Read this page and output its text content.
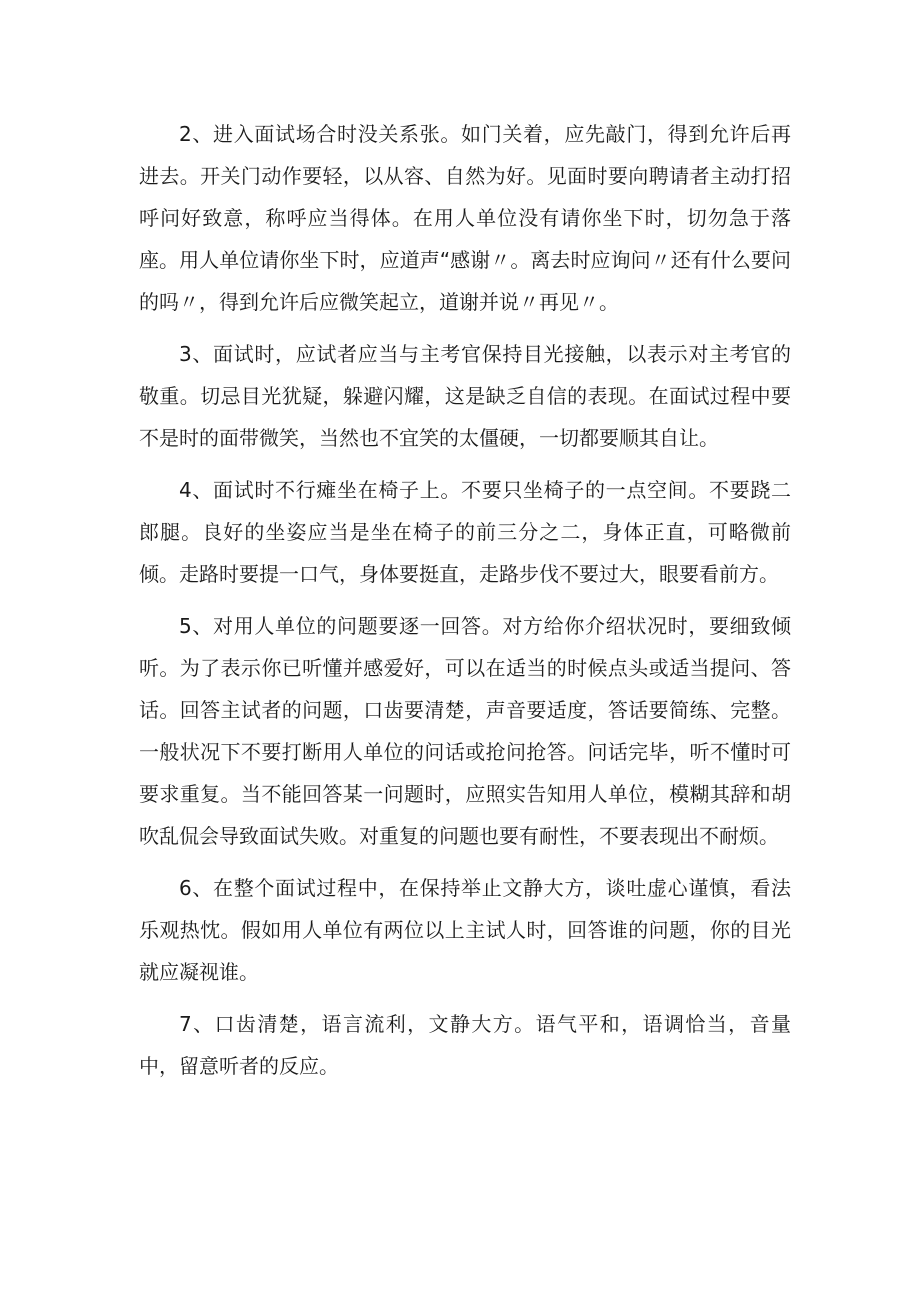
2、进入面试场合时没关系张。如门关着，应先敲门，得到允许后再进去。开关门动作要轻，以从容、自然为好。见面时要向聘请者主动打招呼问好致意，称呼应当得体。在用人单位没有请你坐下时，切勿急于落座。用人单位请你坐下时，应道声“感谢〃。离去时应询问〃还有什么要问的吗〃，得到允许后应微笑起立，道谢并说〃再见〃。

3、面试时，应试者应当与主考官保持目光接触，以表示对主考官的敬重。切忌目光犹疑，躲避闪耀，这是缺乏自信的表现。在面试过程中要不是时的面带微笑，当然也不宜笑的太僵硬，一切都要顺其自让。

4、面试时不行瘫坐在椅子上。不要只坐椅子的一点空间。不要跷二郎腿。良好的坐姿应当是坐在椅子的前三分之二，身体正直，可略微前倾。走路时要提一口气，身体要挺直，走路步伐不要过大，眼要看前方。

5、对用人单位的问题要逐一回答。对方给你介绍状况时，要细致倾听。为了表示你已听懂并感爱好，可以在适当的时候点头或适当提问、答话。回答主试者的问题，口齿要清楚，声音要适度，答话要简练、完整。一般状况下不要打断用人单位的问话或抢问抢答。问话完毕，听不懂时可要求重复。当不能回答某一问题时，应照实告知用人单位，模糊其辞和胡吹乱侃会导致面试失败。对重复的问题也要有耐性，不要表现出不耐烦。

6、在整个面试过程中，在保持举止文静大方，谈吐虚心谨慎，看法乐观热忱。假如用人单位有两位以上主试人时，回答谁的问题，你的目光就应凝视谁。

7、口齿清楚，语言流利，文静大方。语气平和，语调恰当，音量中，留意听者的反应。
